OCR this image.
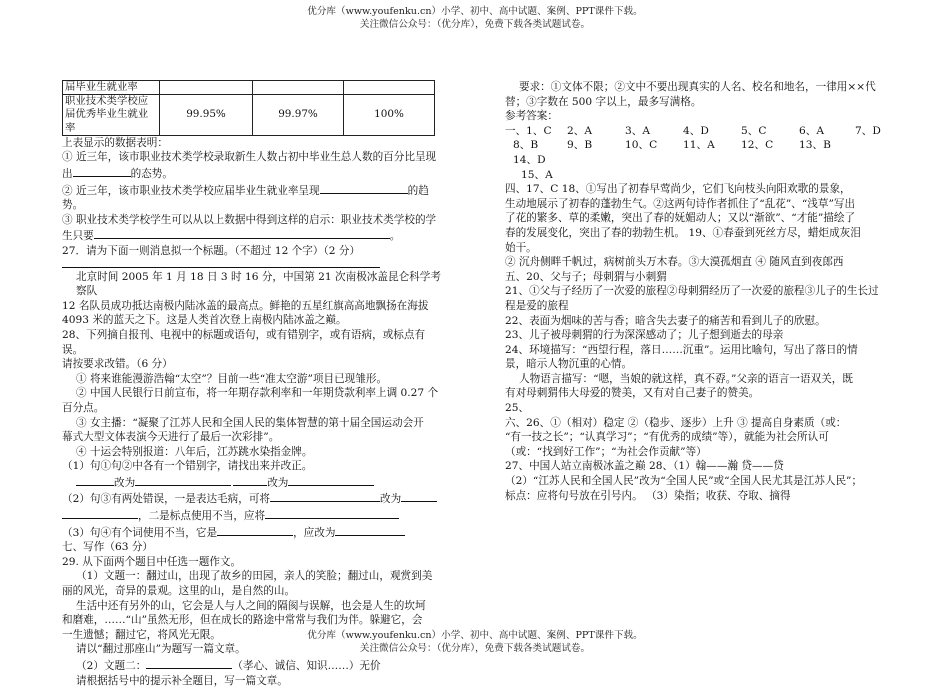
优分库（www.youfenku.cn）小学、初中、高中试题、案例、PPT课件下载。
关注微信公众号：（优分库），免费下载各类试题试卷。
届毕业生就业率			
职业技术类学校应届优秀毕业生就业率	99.95%	99.97%	100%

上表显示的数据表明：

① 近三年，该市职业技术类学校录取新生人数占初中毕业生总人数的百分比呈现

出	的态势。

② 近三年，该市职业技术类学校应届毕业生就业率呈现	的趋势。

③ 职业技术类学校学生可以从以上数据中得到这样的启示：职业技术类学校的学

生只要	。

27．请为下面一则消息拟一个标题。（不超过 12 个字）（2 分）

北京时间 2005 年 1 月 18 日 3 时 16 分，中国第 21 次南极冰盖昆仑科学考察队

12 名队员成功抵达南极内陆冰盖的最高点。鲜艳的五星红旗高高地飘扬在海拔

4093 米的蓝天之下。这是人类首次登上南极内陆冰盖之巅。

28、下列摘自报刊、电视中的标题或语句，或有错别字，或有语病，或标点有误。

请按要求改错。（6 分）

① 将来谁能漫游浩翰“太空”？目前一些“准太空游”项目已现雏形。

② 中国人民银行日前宣布，将一年期存款利率和一年期贷款利率上调 0.27 个

百分点。

③ 女主播：“凝聚了江苏人民和全国人民的集体智慧的第十届全国运动会开

幕式大型文体表演今天进行了最后一次彩排”。

④ 十运会特别报道：八年后，江苏跳水染指金牌。

（1）句①句②中各有一个错别字，请找出来并改正。

改为	改为

（2）句③有两处错误，一是表达毛病，可将	改为

，二是标点使用不当，应将

（3）句④有个词使用不当，它是	，应改为

七、写作（63 分）

29. 从下面两个题目中任选一题作文。

（1）文题一：翻过山，出现了故乡的田园，亲人的笑脸；翻过山，观赏到美

丽的风光，奇异的景观。这里的山，是自然的山。

生活中还有另外的山，它会是人与人之间的隔阂与误解，也会是人生的坎坷

和磨难，……“山”虽然无形，但在成长的路途中常常与我们为伴。躲避它，会

一生遗憾；翻过它，将风光无限。

请以“翻过那座山”为题写一篇文章。

（2）文题二：	（孝心、诚信、知识……）无价

请根据括号中的提示补全题目，写一篇文章。

要求：①文体不限；②文中不要出现真实的人名、校名和地名，一律用××代

替；③字数在 500 字以上，最多写满格。

参考答案：

一、1、C	2、A	3、A	4、D	5、C	6、A	7、D
8、B	9、B	10、C	11、A	12、C	13、B

14、D

15、A

四、17、C 18、①写出了初春早莺尚少，它们飞向枝头向阳欢歌的景象，

生动地展示了初春的蓬勃生气。②这两句诗作者抓住了“乱花”、“浅草”写出

了花的繁多、草的柔嫩，突出了春的妩媚动人；又以“渐欲”、“才能”描绘了

春的发展变化，突出了春的勃勃生机。 19、①春蚕到死丝方尽，蜡炬成灰泪

始干。

② 沉舟侧畔千帆过，病树前头万木春。③大漠孤烟直 ④ 随风直到夜郎西

五、20、父与子；母刺猬与小刺猬

21、①父与子经历了一次爱的旅程②母刺猬经历了一次爱的旅程③儿子的生长过

程是爱的旅程

22、表面为烟味的苦与香；暗含失去妻子的痛苦和看到儿子的欣慰。

23、儿子被母刺猬的行为深深感动了；儿子想到逝去的母亲

24、环境描写：“西望行程，落日……沉重”。运用比喻句，写出了落日的情

景，暗示人物沉重的心情。

人物语言描写：“嗯，当娘的就这样，真不孬。”父亲的语言一语双关，既

有对母刺猬伟大母爱的赞美，又有对自己妻子的赞美。

25、

六、26、①（相对）稳定 ②（稳步、逐步）上升 ③ 提高自身素质（或：

“有一技之长”；“认真学习”；“有优秀的成绩”等），就能为社会所认可

（或：“找到好工作”；“为社会作贡献”等）

27、中国人站立南极冰盖之巅 28、（1）翰——瀚 贷——贷

（2）“江苏人民和全国人民”改为“全国人民”或“全国人民尤其是江苏人民”；

标点：应将句号放在引号内。 （3）染指；收获、夺取、摘得

优分库（www.youfenku.cn）小学、初中、高中试题、案例、PPT课件下载。
关注微信公众号：（优分库），免费下载各类试题试卷。
